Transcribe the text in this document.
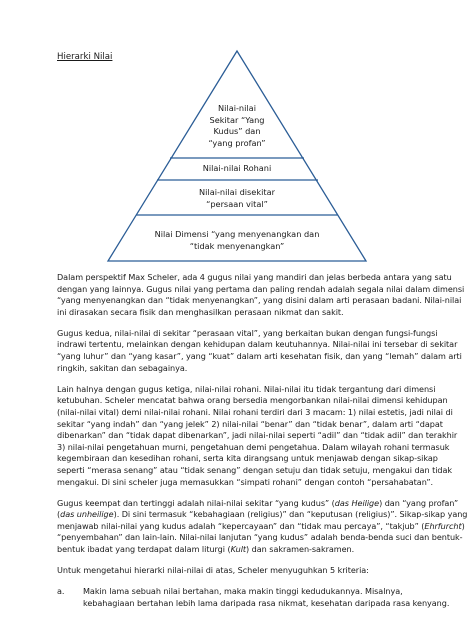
Hierarki Nilai
Nilai-nilai
Sekitar “Yang
Kudus” dan
“yang profan”
Nilai-nilai Rohani
Nilai-nilai disekitar
“persaan vital”
Nilai Dimensi “yang menyenangkan dan
“tidak menyenangkan”

Dalam perspektif Max Scheler, ada 4 gugus nilai yang mandiri dan jelas berbeda antara yang satu
dengan yang lainnya. Gugus nilai yang pertama dan paling rendah adalah segala nilai dalam dimensi
“yang menyenangkan dan “tidak menyenangkan”, yang disini dalam arti perasaan badani. Nilai-nilai
ini dirasakan secara fisik dan menghasilkan perasaan nikmat dan sakit.

Gugus kedua, nilai-nilai di sekitar “perasaan vital”, yang berkaitan bukan dengan fungsi-fungsi
indrawi tertentu, melainkan dengan kehidupan dalam keutuhannya. Nilai-nilai ini tersebar di sekitar
“yang luhur” dan “yang kasar”, yang “kuat” dalam arti kesehatan fisik, dan yang “lemah” dalam arti
ringkih, sakitan dan sebagainya.

Lain halnya dengan gugus ketiga, nilai-nilai rohani. Nilai-nilai itu tidak tergantung dari dimensi
ketubuhan. Scheler mencatat bahwa orang bersedia mengorbankan nilai-nilai dimensi kehidupan
(nilai-nilai vital) demi nilai-nilai rohani. Nilai rohani terdiri dari 3 macam: 1) nilai estetis, jadi nilai di
sekitar “yang indah” dan “yang jelek” 2) nilai-nilai “benar” dan “tidak benar”, dalam arti “dapat
dibenarkan” dan “tidak dapat dibenarkan”, jadi nilai-nilai seperti “adil” dan “tidak adil” dan terakhir
3) nilai-nilai pengetahuan murni, pengetahuan demi pengetahua. Dalam wilayah rohani termasuk
kegembiraan dan kesedihan rohani, serta kita dirangsang untuk menjawab dengan sikap-sikap
seperti “merasa senang” atau “tidak senang” dengan setuju dan tidak setuju, mengakui dan tidak
mengakui. Di sini scheler juga memasukkan “simpati rohani” dengan contoh “persahabatan”.

Gugus keempat dan tertinggi adalah nilai-nilai sekitar “yang kudus” (das Heilige) dan “yang profan”
(das unheilige). Di sini termasuk “kebahagiaan (religius)” dan “keputusan (religius)”. Sikap-sikap yang
menjawab nilai-nilai yang kudus adalah “kepercayaan” dan “tidak mau percaya”, “takjub” (Ehrfurcht)
“penyembahan” dan lain-lain. Nilai-nilai lanjutan “yang kudus” adalah benda-benda suci dan bentuk-
bentuk ibadat yang terdapat dalam liturgi (Kult) dan sakramen-sakramen.

Untuk mengetahui hierarki nilai-nilai di atas, Scheler menyuguhkan 5 kriteria:

a.	Makin lama sebuah nilai bertahan, maka makin tinggi kedudukannya. Misalnya,
kebahagiaan bertahan lebih lama daripada rasa nikmat, kesehatan daripada rasa kenyang.
